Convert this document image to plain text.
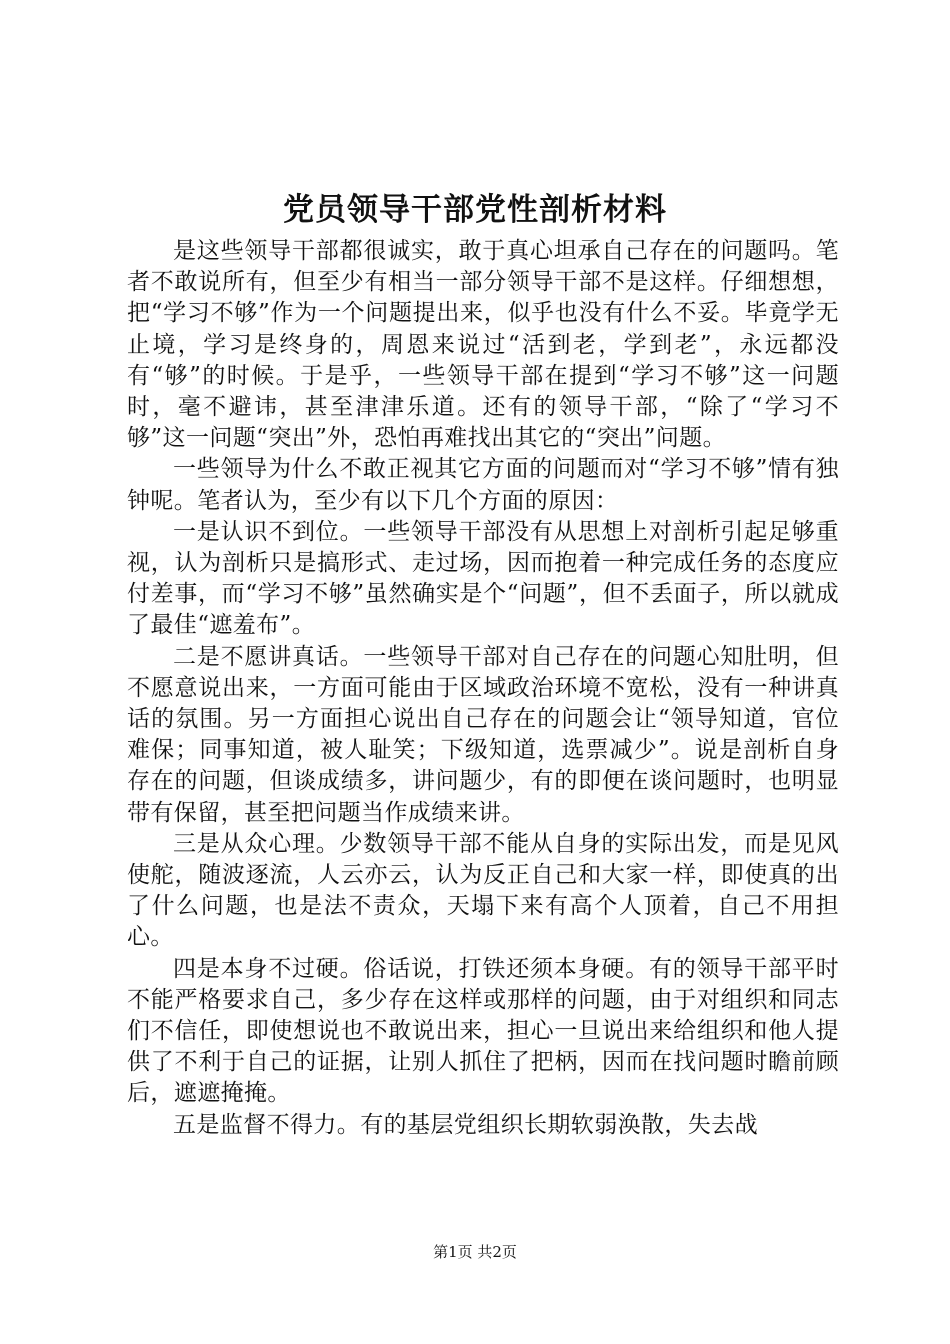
党员领导干部党性剖析材料

是这些领导干部都很诚实，敢于真心坦承自己存在的问题吗。笔者不敢说所有，但至少有相当一部分领导干部不是这样。仔细想想，把“学习不够”作为一个问题提出来，似乎也没有什么不妥。毕竟学无止境，学习是终身的，周恩来说过“活到老，学到老”，永远都没有“够”的时候。于是乎，一些领导干部在提到“学习不够”这一问题时，毫不避讳，甚至津津乐道。还有的领导干部，“除了“学习不够”这一问题“突出”外，恐怕再难找出其它的“突出”问题。

一些领导为什么不敢正视其它方面的问题而对“学习不够”情有独钟呢。笔者认为，至少有以下几个方面的原因：

一是认识不到位。一些领导干部没有从思想上对剖析引起足够重视，认为剖析只是搞形式、走过场，因而抱着一种完成任务的态度应付差事，而“学习不够”虽然确实是个“问题”，但不丢面子，所以就成了最佳“遮羞布”。

二是不愿讲真话。一些领导干部对自己存在的问题心知肚明，但不愿意说出来，一方面可能由于区域政治环境不宽松，没有一种讲真话的氛围。另一方面担心说出自己存在的问题会让“领导知道，官位难保；同事知道，被人耻笑；下级知道，选票减少”。说是剖析自身存在的问题，但谈成绩多，讲问题少，有的即便在谈问题时，也明显带有保留，甚至把问题当作成绩来讲。

三是从众心理。少数领导干部不能从自身的实际出发，而是见风使舵，随波逐流，人云亦云，认为反正自己和大家一样，即使真的出了什么问题，也是法不责众，天塌下来有高个人顶着，自己不用担心。

四是本身不过硬。俗话说，打铁还须本身硬。有的领导干部平时不能严格要求自己，多少存在这样或那样的问题，由于对组织和同志们不信任，即使想说也不敢说出来，担心一旦说出来给组织和他人提供了不利于自己的证据，让别人抓住了把柄，因而在找问题时瞻前顾后，遮遮掩掩。

五是监督不得力。有的基层党组织长期软弱涣散，失去战

第1页 共2页
